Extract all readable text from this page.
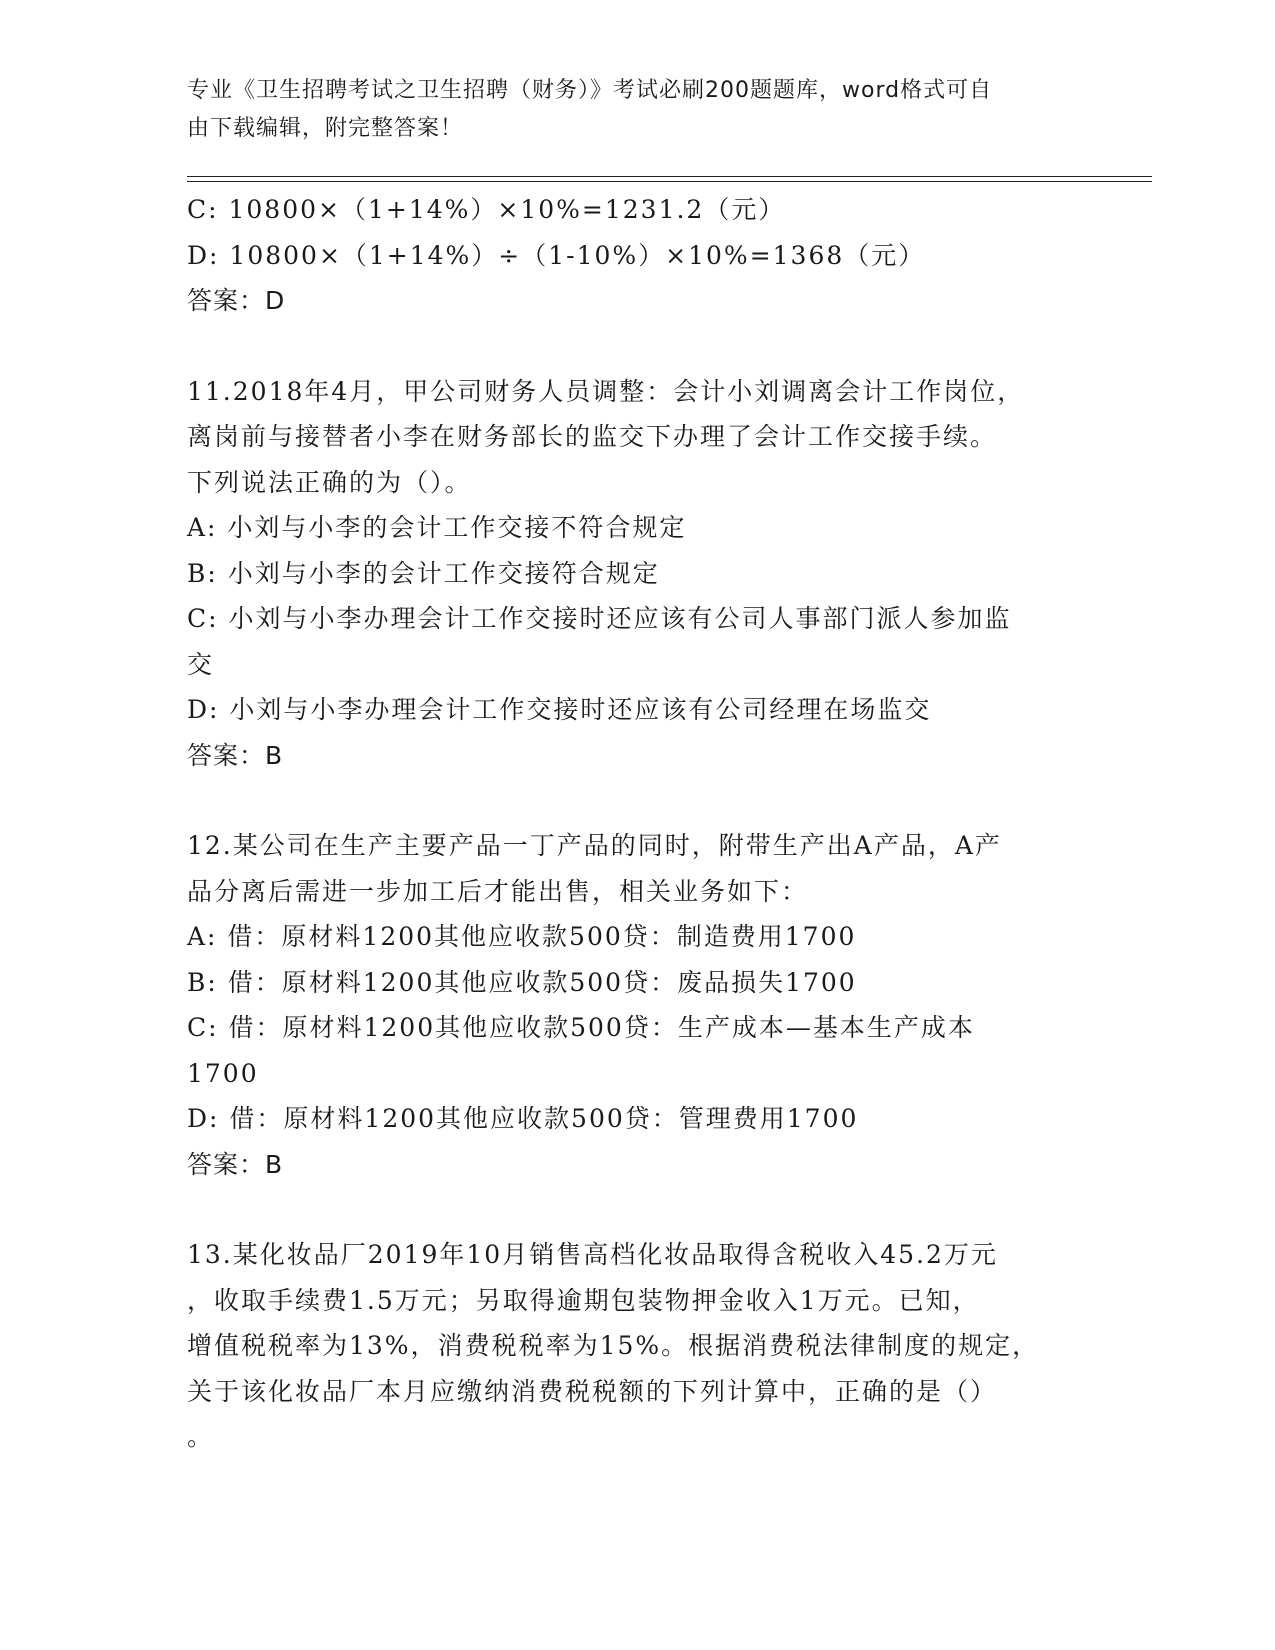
专业《卫生招聘考试之卫生招聘（财务）》考试必刷200题题库，word格式可自
由下载编辑，附完整答案！
C: 10800×（1+14%）×10%=1231.2（元）
D: 10800×（1+14%）÷（1-10%）×10%=1368（元）
答案：D
11.2018年4月，甲公司财务人员调整：会计小刘调离会计工作岗位，
离岗前与接替者小李在财务部长的监交下办理了会计工作交接手续。
下列说法正确的为（）。
A: 小刘与小李的会计工作交接不符合规定
B: 小刘与小李的会计工作交接符合规定
C: 小刘与小李办理会计工作交接时还应该有公司人事部门派人参加监
交
D: 小刘与小李办理会计工作交接时还应该有公司经理在场监交
答案：B
12.某公司在生产主要产品一丁产品的同时，附带生产出A产品，A产
品分离后需进一步加工后才能出售，相关业务如下：
A: 借：原材料1200其他应收款500贷：制造费用1700
B: 借：原材料1200其他应收款500贷：废品损失1700
C: 借：原材料1200其他应收款500贷：生产成本—基本生产成本
1700
D: 借：原材料1200其他应收款500贷：管理费用1700
答案：B
13.某化妆品厂2019年10月销售高档化妆品取得含税收入45.2万元
，收取手续费1.5万元；另取得逾期包装物押金收入1万元。已知，
增值税税率为13%，消费税税率为15%。根据消费税法律制度的规定，
关于该化妆品厂本月应缴纳消费税税额的下列计算中，正确的是（）
。
